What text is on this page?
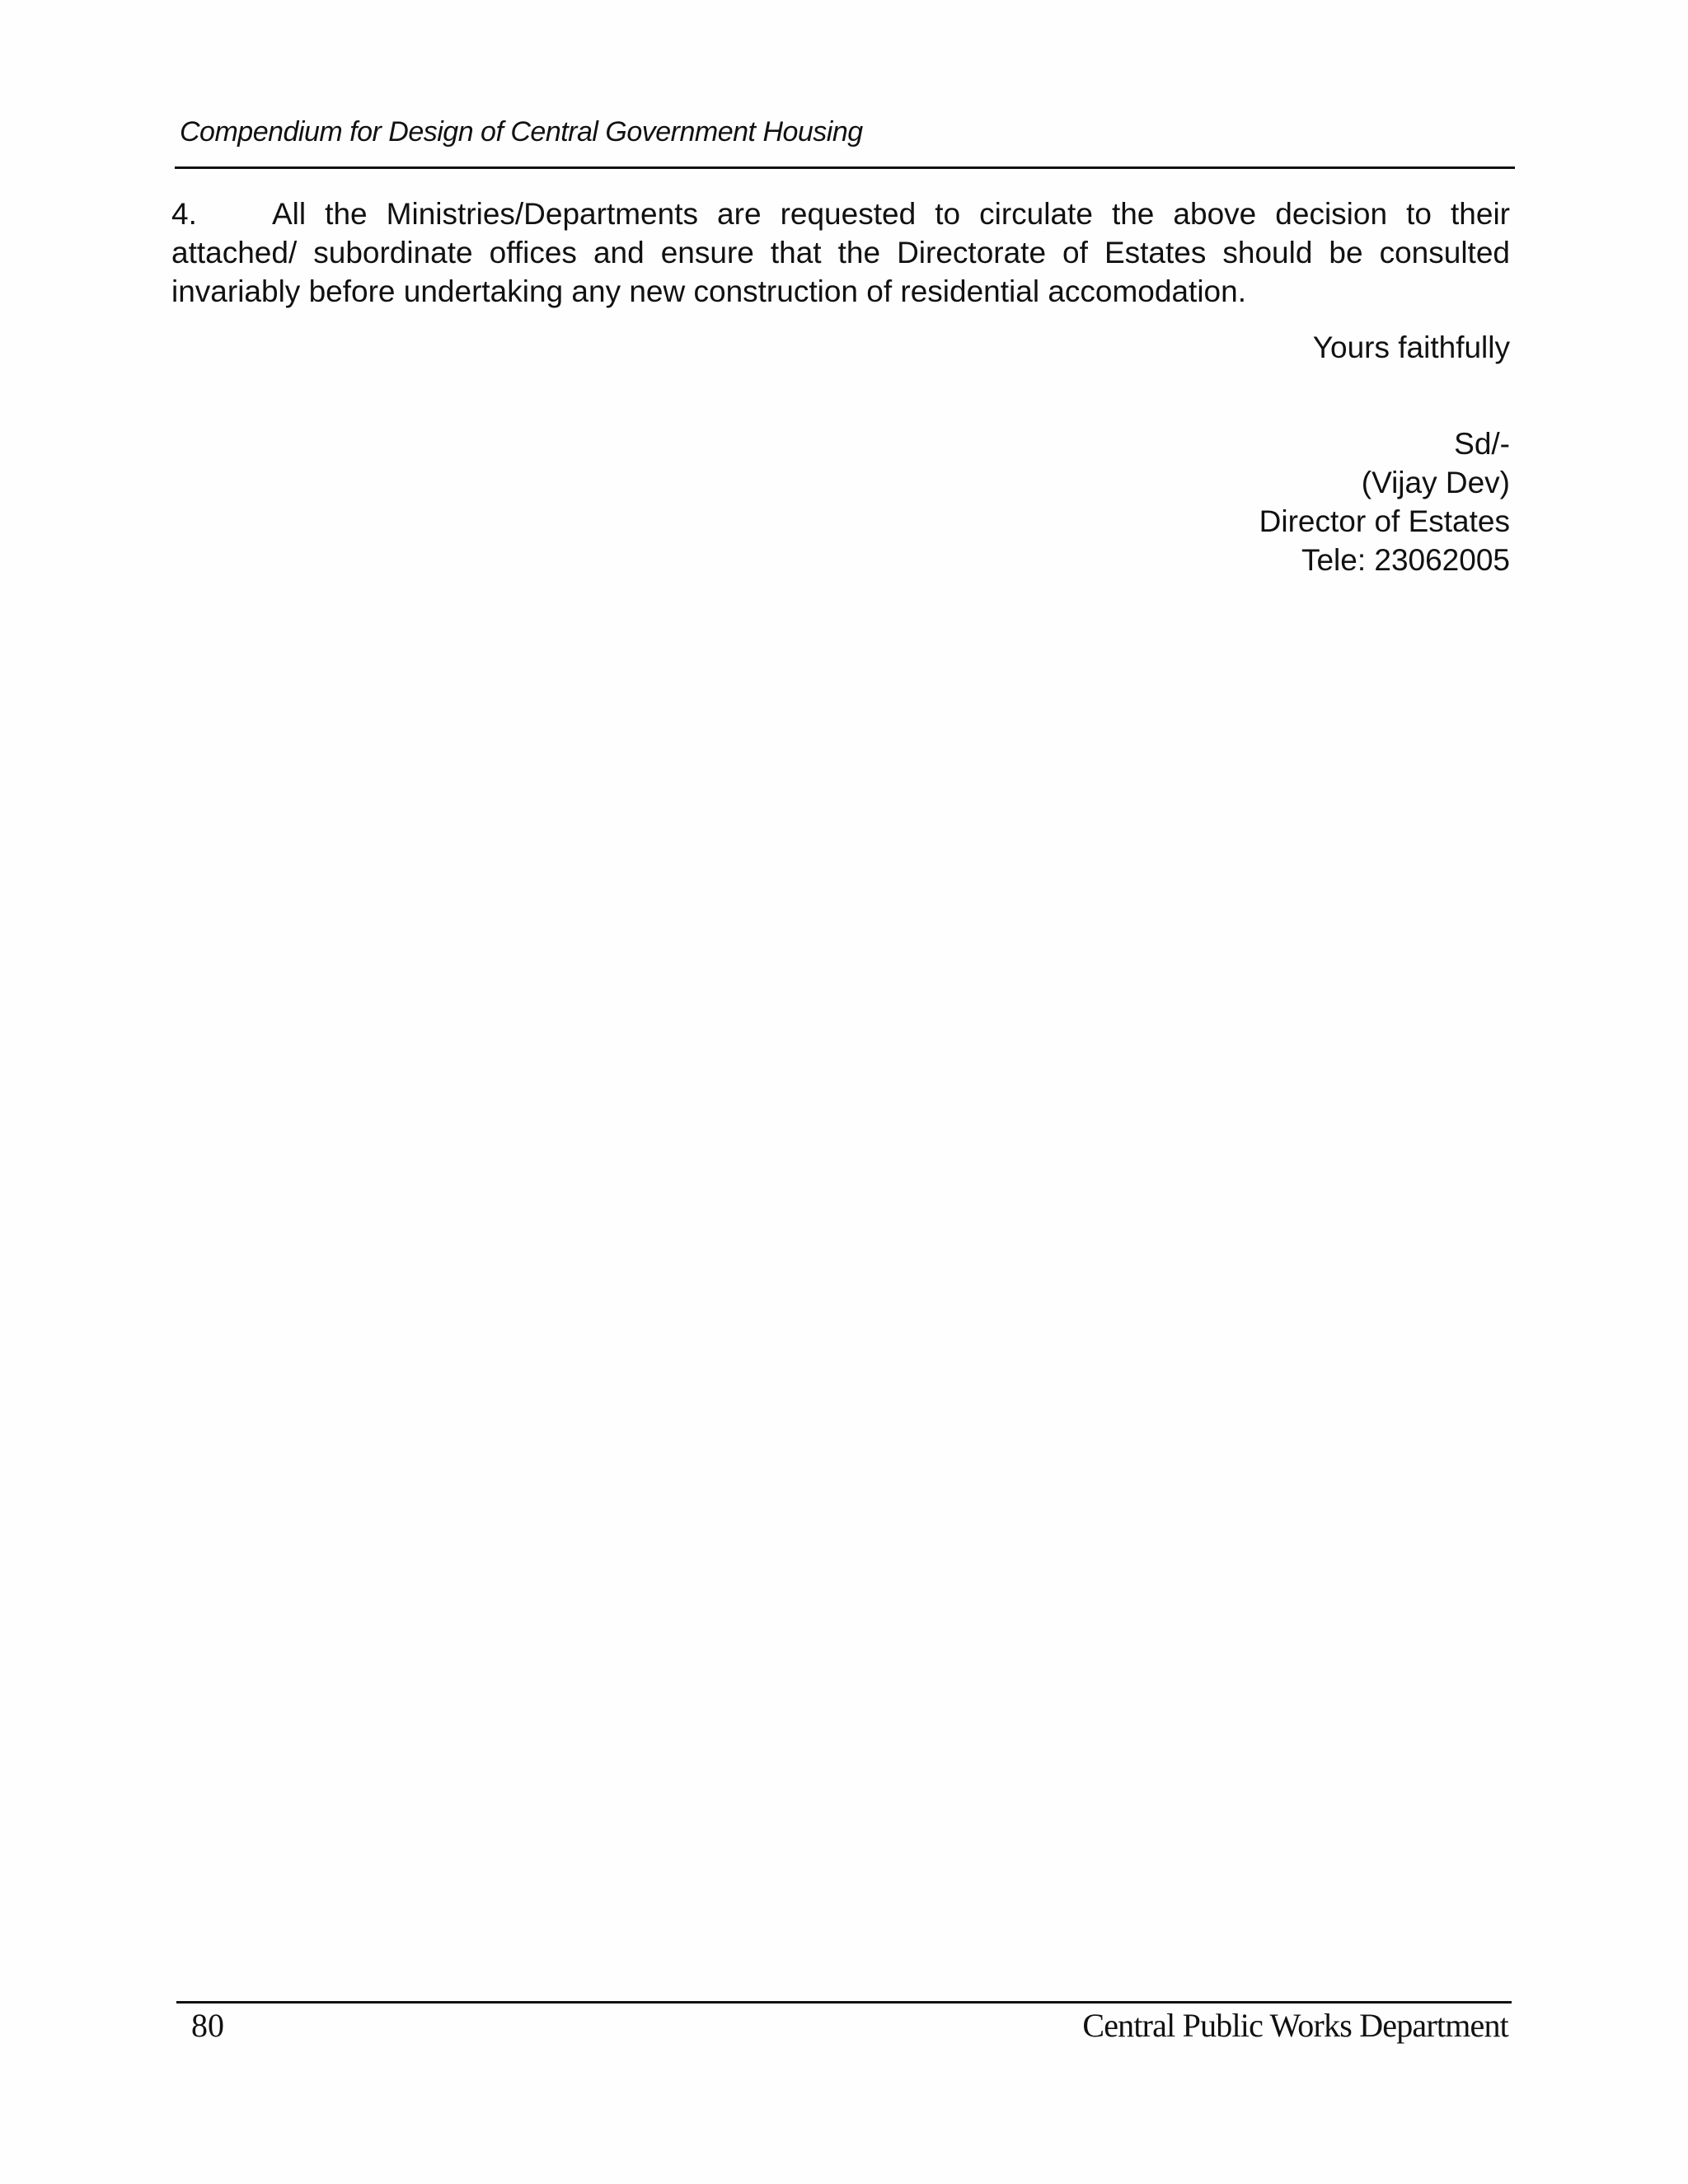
Compendium for Design of Central Government Housing
4. All the Ministries/Departments are requested to circulate the above decision to their attached/ subordinate offices and ensure that the Directorate of Estates should be consulted invariably before undertaking any new construction of residential accomodation.
Yours faithfully
Sd/-
(Vijay Dev)
Director of Estates
Tele: 23062005
80	Central Public Works Department
